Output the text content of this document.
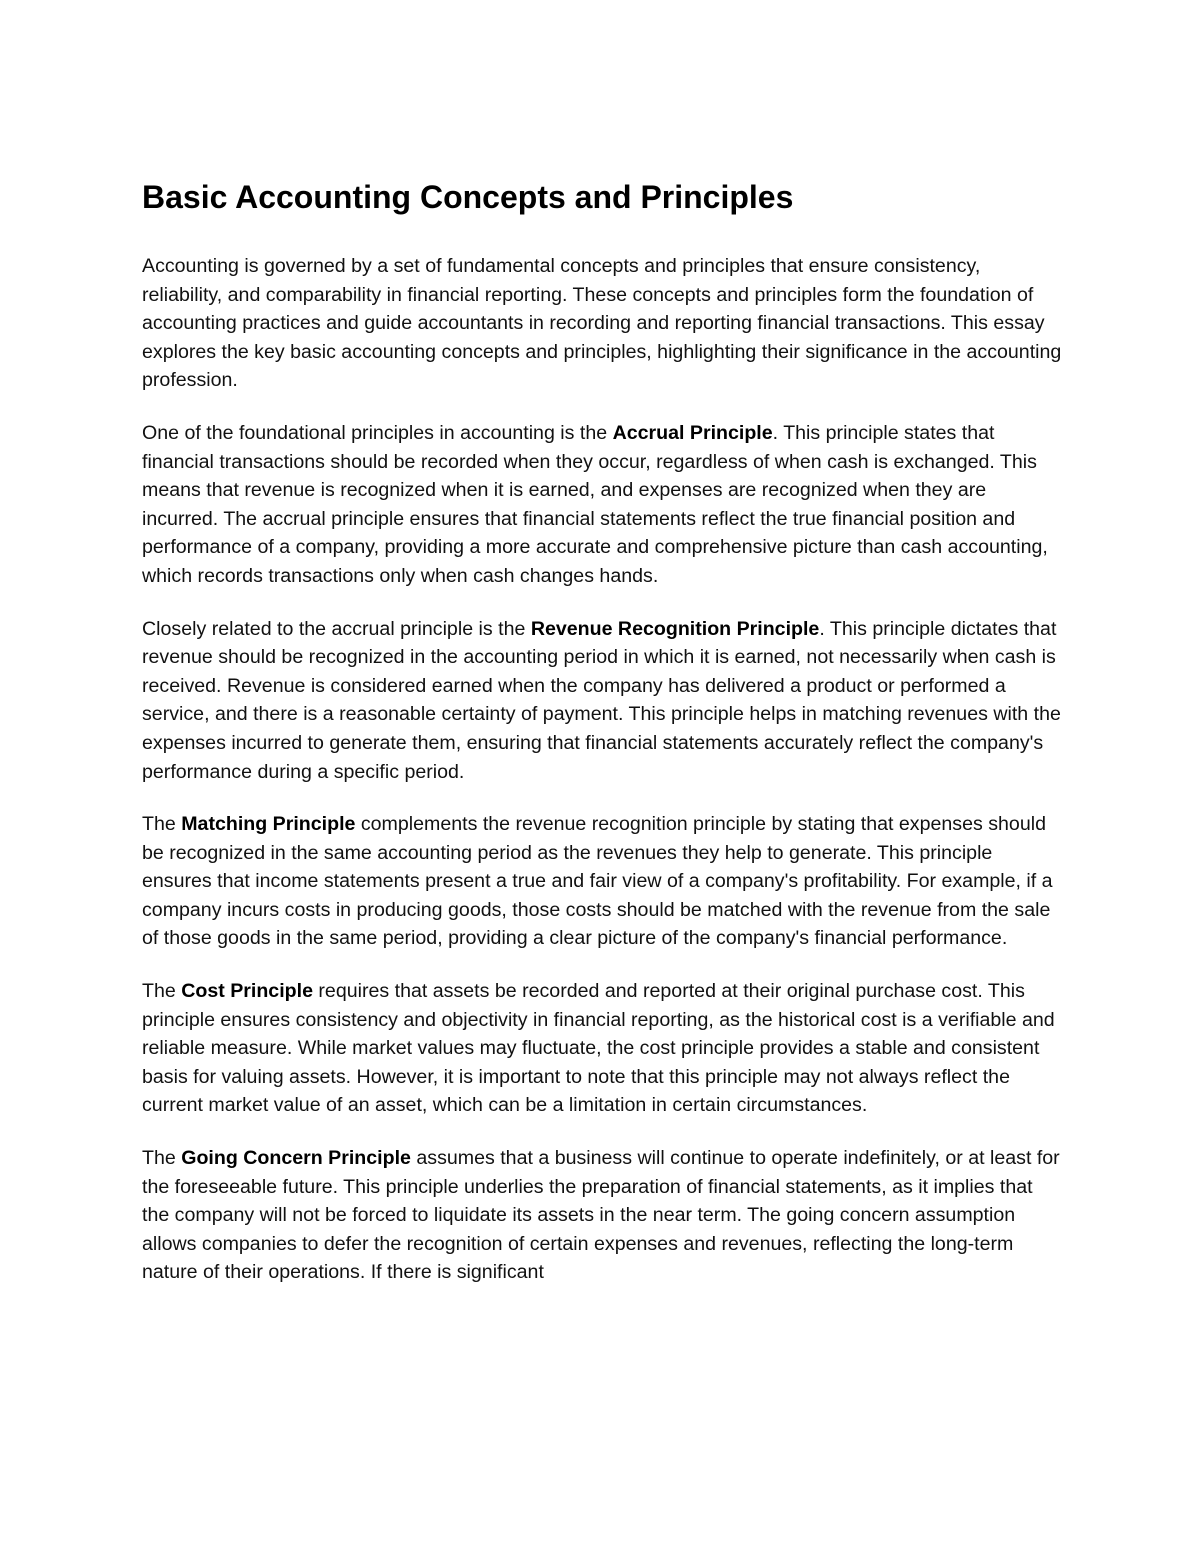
Basic Accounting Concepts and Principles

Accounting is governed by a set of fundamental concepts and principles that ensure consistency, reliability, and comparability in financial reporting. These concepts and principles form the foundation of accounting practices and guide accountants in recording and reporting financial transactions. This essay explores the key basic accounting concepts and principles, highlighting their significance in the accounting profession.

One of the foundational principles in accounting is the Accrual Principle. This principle states that financial transactions should be recorded when they occur, regardless of when cash is exchanged. This means that revenue is recognized when it is earned, and expenses are recognized when they are incurred. The accrual principle ensures that financial statements reflect the true financial position and performance of a company, providing a more accurate and comprehensive picture than cash accounting, which records transactions only when cash changes hands.

Closely related to the accrual principle is the Revenue Recognition Principle. This principle dictates that revenue should be recognized in the accounting period in which it is earned, not necessarily when cash is received. Revenue is considered earned when the company has delivered a product or performed a service, and there is a reasonable certainty of payment. This principle helps in matching revenues with the expenses incurred to generate them, ensuring that financial statements accurately reflect the company's performance during a specific period.

The Matching Principle complements the revenue recognition principle by stating that expenses should be recognized in the same accounting period as the revenues they help to generate. This principle ensures that income statements present a true and fair view of a company's profitability. For example, if a company incurs costs in producing goods, those costs should be matched with the revenue from the sale of those goods in the same period, providing a clear picture of the company's financial performance.

The Cost Principle requires that assets be recorded and reported at their original purchase cost. This principle ensures consistency and objectivity in financial reporting, as the historical cost is a verifiable and reliable measure. While market values may fluctuate, the cost principle provides a stable and consistent basis for valuing assets. However, it is important to note that this principle may not always reflect the current market value of an asset, which can be a limitation in certain circumstances.

The Going Concern Principle assumes that a business will continue to operate indefinitely, or at least for the foreseeable future. This principle underlies the preparation of financial statements, as it implies that the company will not be forced to liquidate its assets in the near term. The going concern assumption allows companies to defer the recognition of certain expenses and revenues, reflecting the long-term nature of their operations. If there is significant
